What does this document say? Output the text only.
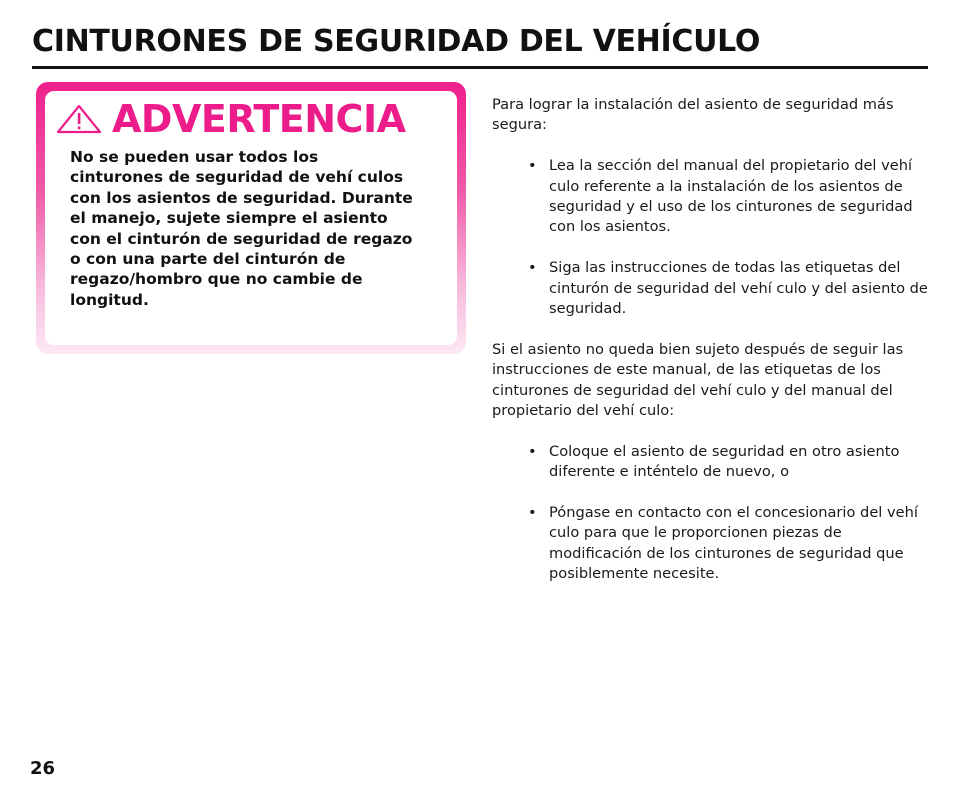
CINTURONES DE SEGURIDAD DEL VEHÍCULO
ADVERTENCIA

No se pueden usar todos los cinturones de seguridad de vehí culos con los asientos de seguridad. Durante el manejo, sujete siempre el asiento con el cinturón de seguridad de regazo o con una parte del cinturón de regazo/hombro que no cambie de longitud.

Para lograr la instalación del asiento de seguridad más segura:

• Lea la sección del manual del propietario del vehí culo referente a la instalación de los asientos de seguridad y el uso de los cinturones de seguridad con los asientos.
• Siga las instrucciones de todas las etiquetas del cinturón de seguridad del vehí culo y del asiento de seguridad.

Si el asiento no queda bien sujeto después de seguir las instrucciones de este manual, de las etiquetas de los cinturones de seguridad del vehí culo y del manual del propietario del vehí culo:

• Coloque el asiento de seguridad en otro asiento diferente e inténtelo de nuevo, o
• Póngase en contacto con el concesionario del vehí culo para que le proporcionen piezas de modificación de los cinturones de seguridad que posiblemente necesite.

26
